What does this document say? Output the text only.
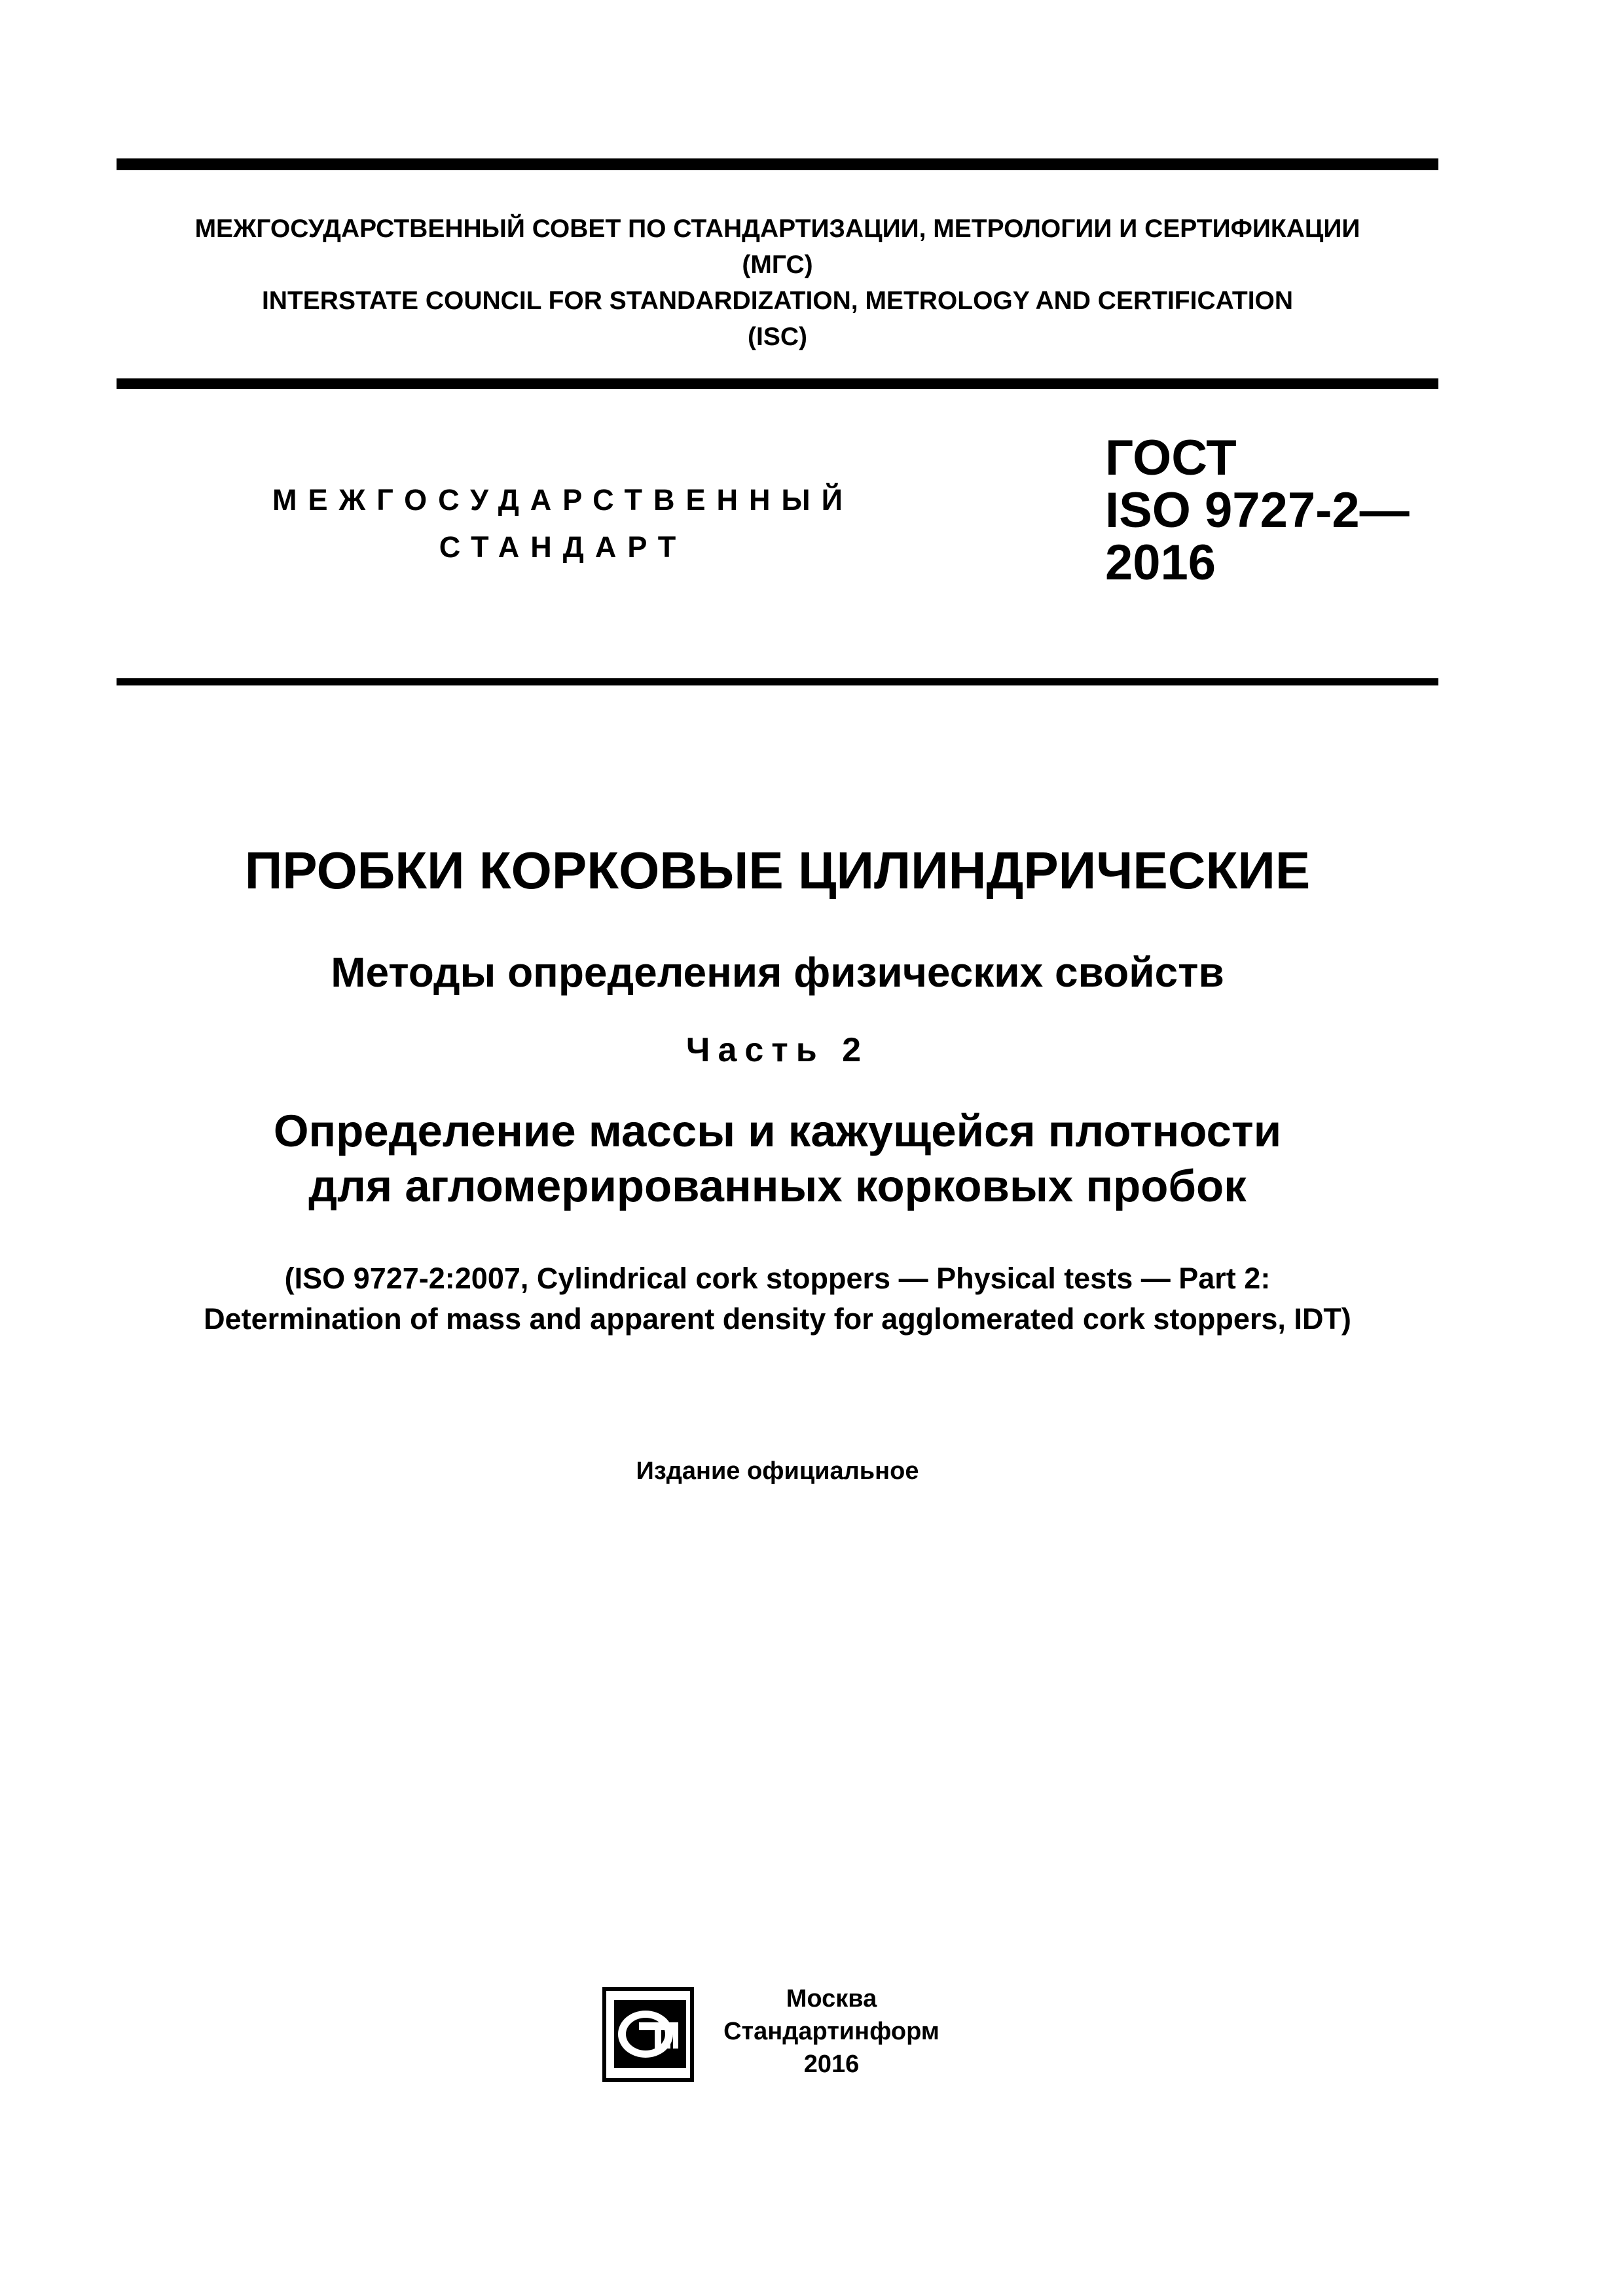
МЕЖГОСУДАРСТВЕННЫЙ СОВЕТ ПО СТАНДАРТИЗАЦИИ, МЕТРОЛОГИИ И СЕРТИФИКАЦИИ
(МГС)
INTERSTATE COUNCIL FOR STANDARDIZATION, METROLOGY AND CERTIFICATION
(ISC)
МЕЖГОСУДАРСТВЕННЫЙ
СТАНДАРТ
ГОСТ
ISO 9727-2—
2016
ПРОБКИ КОРКОВЫЕ ЦИЛИНДРИЧЕСКИЕ
Методы определения физических свойств
Часть 2
Определение массы и кажущейся плотности
для агломерированных корковых пробок
(ISO 9727-2:2007, Cylindrical cork stoppers — Physical tests — Part 2:
Determination of mass and apparent density for agglomerated cork stoppers, IDT)
Издание официальное
Москва
Стандартинформ
2016
